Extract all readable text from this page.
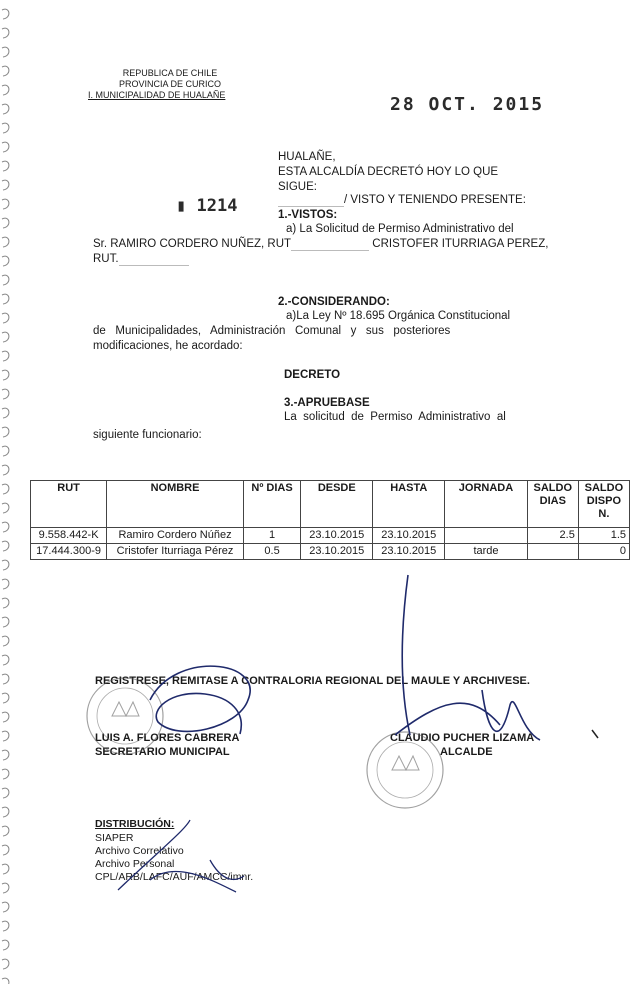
REPUBLICA DE CHILE
PROVINCIA DE CURICO
I. MUNICIPALIDAD DE HUALAÑE	28 OCT. 2015
HUALAÑE,
ESTA ALCALDÍA DECRETÓ HOY LO QUE
SIGUE:
/ VISTO Y TENIENDO PRESENTE:
▮ 1214	1.-VISTOS:
a) La Solicitud de Permiso Administrativo del
Sr. RAMIRO CORDERO NUÑEZ, RUT	CRISTOFER ITURRIAGA PEREZ,
RUT.
2.-CONSIDERANDO:
a)La Ley Nº 18.695 Orgánica Constitucional
de   Municipalidades,   Administración   Comunal   y   sus   posteriores
modificaciones, he acordado:
DECRETO
3.-APRUEBASE
La  solicitud  de  Permiso  Administrativo  al
siguiente funcionario:
RUT	NOMBRE	Nº DIAS	DESDE	HASTA	JORNADA	SALDO DIAS	SALDO DISPO N.
9.558.442-K	Ramiro Cordero Núñez	1	23.10.2015	23.10.2015		2.5	1.5
17.444.300-9	Cristofer Iturriaga Pérez	0.5	23.10.2015	23.10.2015	tarde		0
REGISTRESE, REMITASE A CONTRALORIA REGIONAL DEL MAULE Y ARCHIVESE.
LUIS A. FLORES CABRERA
SECRETARIO MUNICIPAL
CLAUDIO PUCHER LIZAMA
ALCALDE
DISTRIBUCIÓN:
SIAPER
Archivo Correlativo
Archivo Personal
CPL/ARB/LAFC/AUF/AMCC/imnr.
